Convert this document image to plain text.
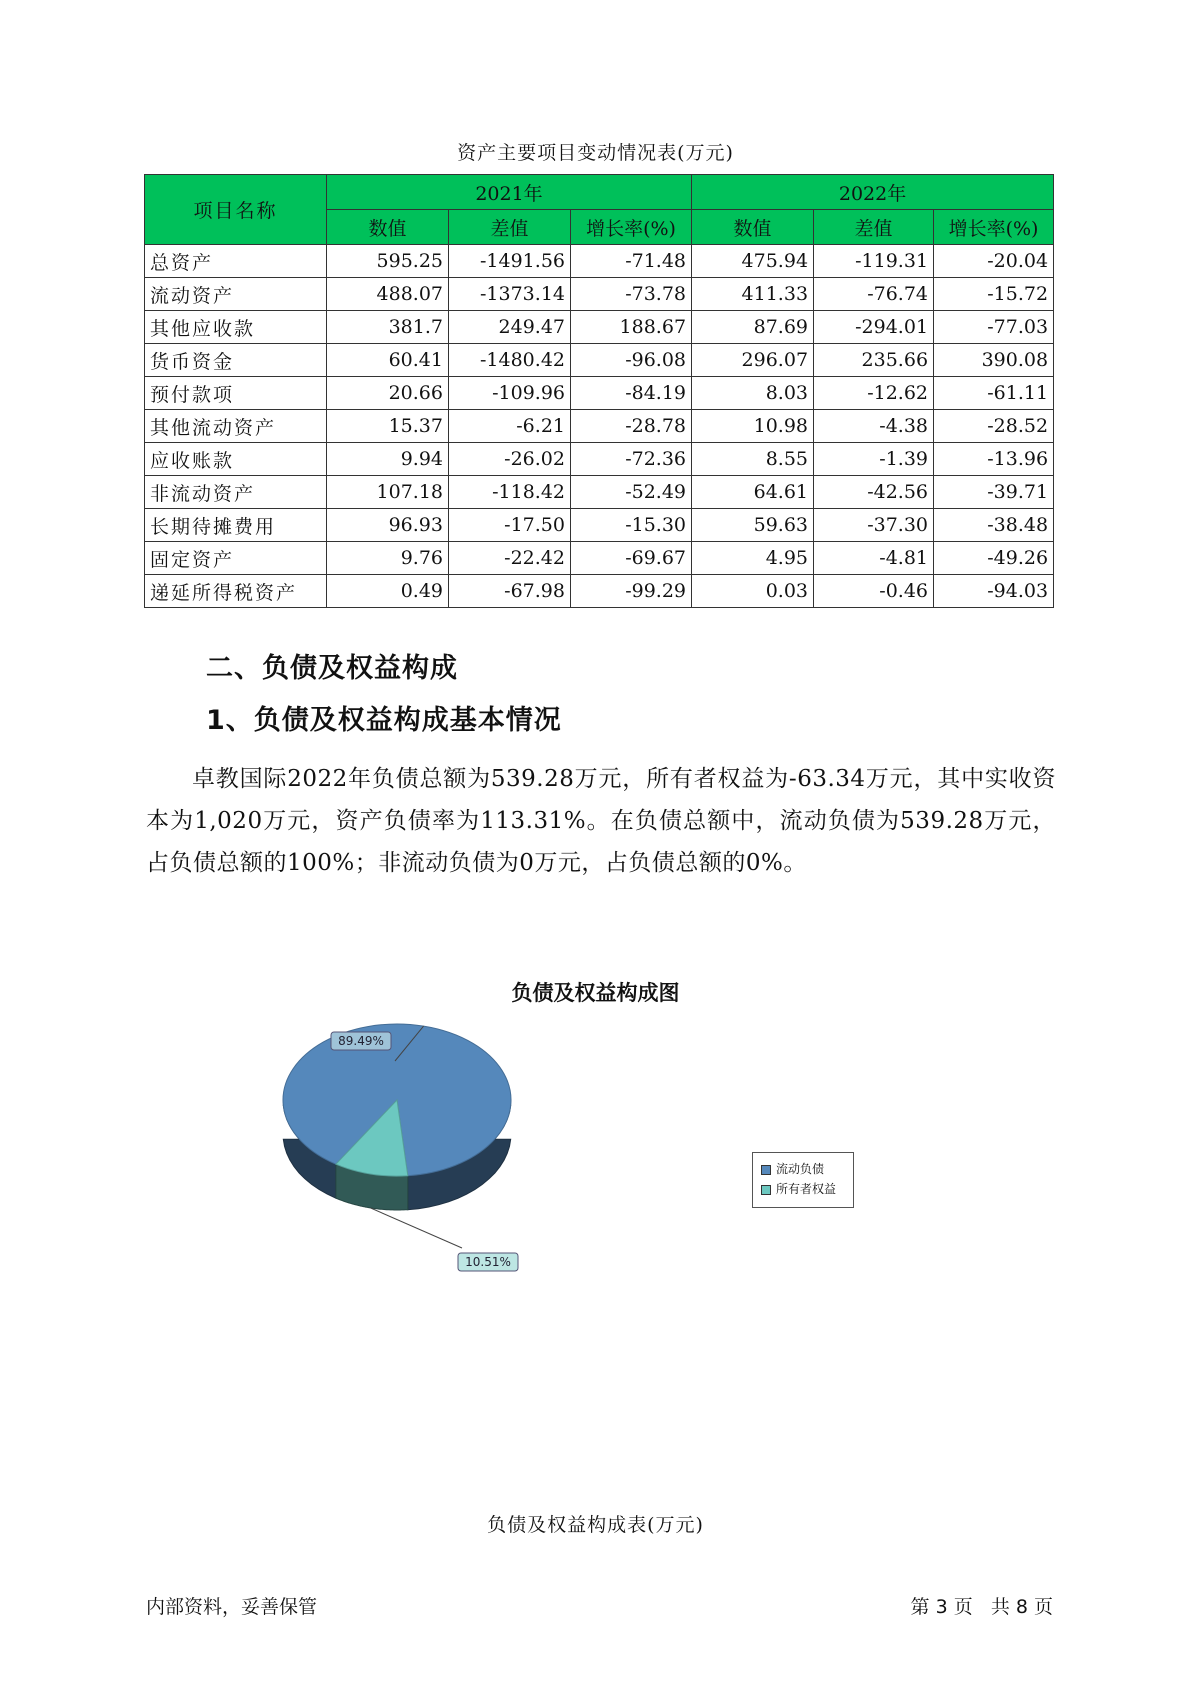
资产主要项目变动情况表(万元)
项目名称	2021年			2022年		
	数值	差值	增长率(%)	数值	差值	增长率(%)
总资产	595.25	-1491.56	-71.48	475.94	-119.31	-20.04
流动资产	488.07	-1373.14	-73.78	411.33	-76.74	-15.72
其他应收款	381.7	249.47	188.67	87.69	-294.01	-77.03
货币资金	60.41	-1480.42	-96.08	296.07	235.66	390.08
预付款项	20.66	-109.96	-84.19	8.03	-12.62	-61.11
其他流动资产	15.37	-6.21	-28.78	10.98	-4.38	-28.52
应收账款	9.94	-26.02	-72.36	8.55	-1.39	-13.96
非流动资产	107.18	-118.42	-52.49	64.61	-42.56	-39.71
长期待摊费用	96.93	-17.50	-15.30	59.63	-37.30	-38.48
固定资产	9.76	-22.42	-69.67	4.95	-4.81	-49.26
递延所得税资产	0.49	-67.98	-99.29	0.03	-0.46	-94.03
二、负债及权益构成
1、负债及权益构成基本情况

卓教国际2022年负债总额为539.28万元，所有者权益为-63.34万元，其中实收资本为1,020万元，资产负债率为113.31%。在负债总额中，流动负债为539.28万元，占负债总额的100%；非流动负债为0万元，占负债总额的0%。

负债及权益构成图
89.49%
10.51%
流动负债
所有者权益
负债及权益构成表(万元)
内部资料，妥善保管	第 3 页   共 8 页
